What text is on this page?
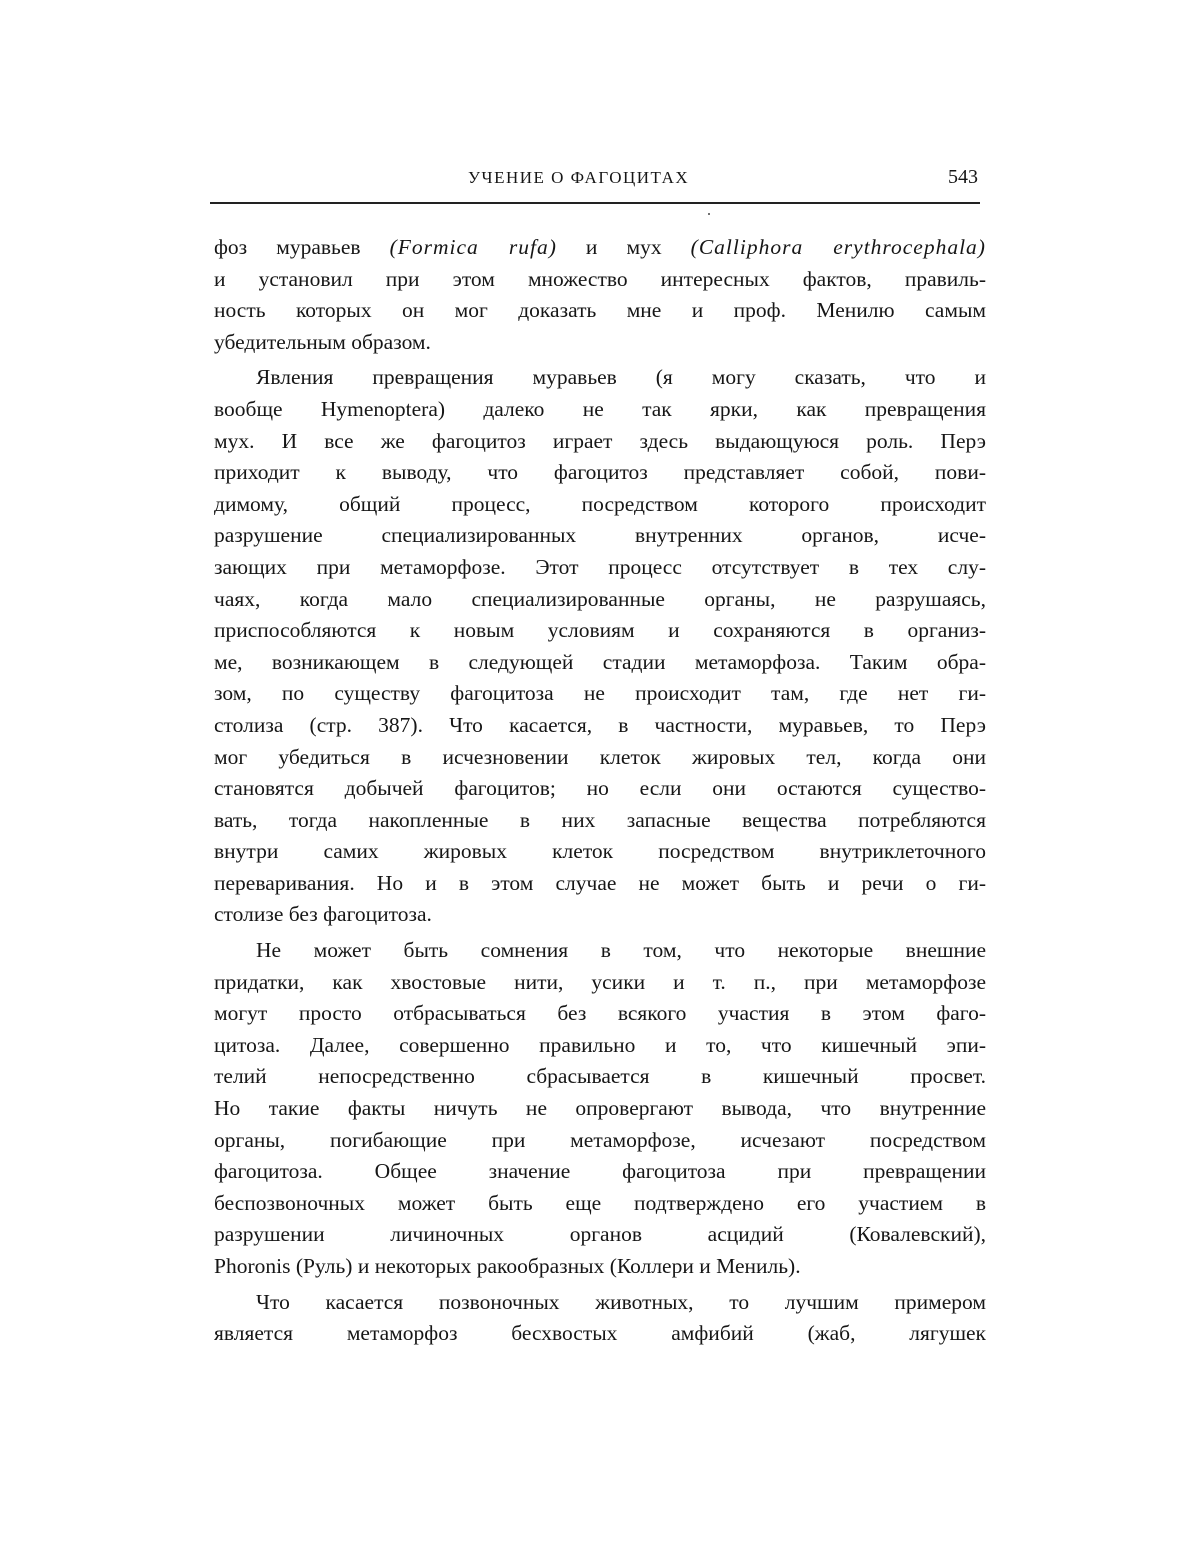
УЧЕНИЕ О ФАГОЦИТАХ	543
фоз муравьев (Formica rufa) и мух (Calliphora erythrocephala)
и установил при этом множество интересных фактов, правиль-
ность которых он мог доказать мне и проф. Менилю самым
убедительным образом.
Явления превращения муравьев (я могу сказать, что и
вообще Hymenoptera) далеко не так ярки, как превращения
мух. И все же фагоцитоз играет здесь выдающуюся роль. Перэ
приходит к выводу, что фагоцитоз представляет собой, пови-
димому, общий процесс, посредством которого происходит
разрушение специализированных внутренних органов, исче-
зающих при метаморфозе. Этот процесс отсутствует в тех слу-
чаях, когда мало специализированные органы, не разрушаясь,
приспособляются к новым условиям и сохраняются в организ-
ме, возникающем в следующей стадии метаморфоза. Таким обра-
зом, по существу фагоцитоза не происходит там, где нет ги-
столиза (стр. 387). Что касается, в частности, муравьев, то Перэ
мог убедиться в исчезновении клеток жировых тел, когда они
становятся добычей фагоцитов; но если они остаются существо-
вать, тогда накопленные в них запасные вещества потребляются
внутри самих жировых клеток посредством внутриклеточного
переваривания. Но и в этом случае не может быть и речи о ги-
столизе без фагоцитоза.
Не может быть сомнения в том, что некоторые внешние
придатки, как хвостовые нити, усики и т. п., при метаморфозе
могут просто отбрасываться без всякого участия в этом фаго-
цитоза. Далее, совершенно правильно и то, что кишечный эпи-
телий непосредственно сбрасывается в кишечный просвет.
Но такие факты ничуть не опровергают вывода, что внутренние
органы, погибающие при метаморфозе, исчезают посредством
фагоцитоза. Общее значение фагоцитоза при превращении
беспозвоночных может быть еще подтверждено его участием в
разрушении личиночных органов асцидий (Ковалевский),
Phoronis (Руль) и некоторых ракообразных (Коллери и Мениль).
Что касается позвоночных животных, то лучшим примером
является метаморфоз бесхвостых амфибий (жаб, лягушек
